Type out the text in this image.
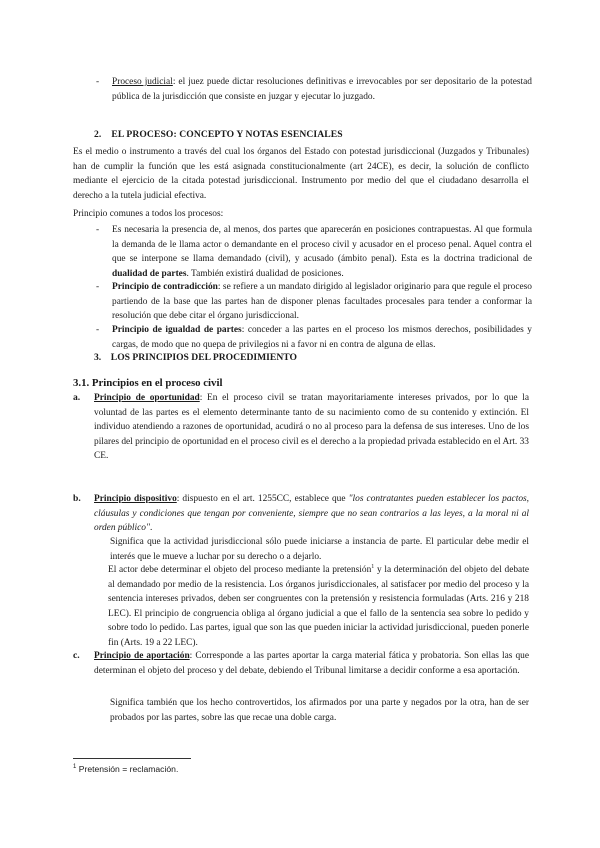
- Proceso judicial: el juez puede dictar resoluciones definitivas e irrevocables por ser depositario de la potestad pública de la jurisdicción que consiste en juzgar y ejecutar lo juzgado.
2. EL PROCESO: CONCEPTO Y NOTAS ESENCIALES

Es el medio o instrumento a través del cual los órganos del Estado con potestad jurisdiccional (Juzgados y Tribunales) han de cumplir la función que les está asignada constitucionalmente (art 24CE), es decir, la solución de conflicto mediante el ejercicio de la citada potestad jurisdiccional. Instrumento por medio del que el ciudadano desarrolla el derecho a la tutela judicial efectiva.

Principio comunes a todos los procesos:

- Es necesaria la presencia de, al menos, dos partes que aparecerán en posiciones contrapuestas. Al que formula la demanda de le llama actor o demandante en el proceso civil y acusador en el proceso penal. Aquel contra el que se interpone se llama demandado (civil), y acusado (ámbito penal). Esta es la doctrina tradicional de dualidad de partes. También existirá dualidad de posiciones.
- Principio de contradicción: se refiere a un mandato dirigido al legislador originario para que regule el proceso partiendo de la base que las partes han de disponer plenas facultades procesales para tender a conformar la resolución que debe citar el órgano jurisdiccional.
- Principio de igualdad de partes: conceder a las partes en el proceso los mismos derechos, posibilidades y cargas, de modo que no quepa de privilegios ni a favor ni en contra de alguna de ellas.
3. LOS PRINCIPIOS DEL PROCEDIMIENTO
3.1. Principios en el proceso civil
a. Principio de oportunidad: En el proceso civil se tratan mayoritariamente intereses privados, por lo que la voluntad de las partes es el elemento determinante tanto de su nacimiento como de su contenido y extinción. El individuo atendiendo a razones de oportunidad, acudirá o no al proceso para la defensa de sus intereses. Uno de los pilares del principio de oportunidad en el proceso civil es el derecho a la propiedad privada establecido en el Art. 33 CE.
b. Principio dispositivo: dispuesto en el art. 1255CC, establece que "los contratantes pueden establecer los pactos, cláusulas y condiciones que tengan por conveniente, siempre que no sean contrarios a las leyes, a la moral ni al orden público".

Significa que la actividad jurisdiccional sólo puede iniciarse a instancia de parte. El particular debe medir el interés que le mueve a luchar por su derecho o a dejarlo.

El actor debe determinar el objeto del proceso mediante la pretensión$^1$ y la determinación del objeto del debate al demandado por medio de la resistencia. Los órganos jurisdiccionales, al satisfacer por medio del proceso y la sentencia intereses privados, deben ser congruentes con la pretensión y resistencia formuladas (Arts. 216 y 218 LEC). El principio de congruencia obliga al órgano judicial a que el fallo de la sentencia sea sobre lo pedido y sobre todo lo pedido. Las partes, igual que son las que pueden iniciar la actividad jurisdiccional, pueden ponerle fin (Arts. 19 a 22 LEC).
c. Principio de aportación: Corresponde a las partes aportar la carga material fática y probatoria. Son ellas las que determinan el objeto del proceso y del debate, debiendo el Tribunal limitarse a decidir conforme a esa aportación.

Significa también que los hecho controvertidos, los afirmados por una parte y negados por la otra, han de ser probados por las partes, sobre las que recae una doble carga.

$^1$ Pretensión = reclamación.
